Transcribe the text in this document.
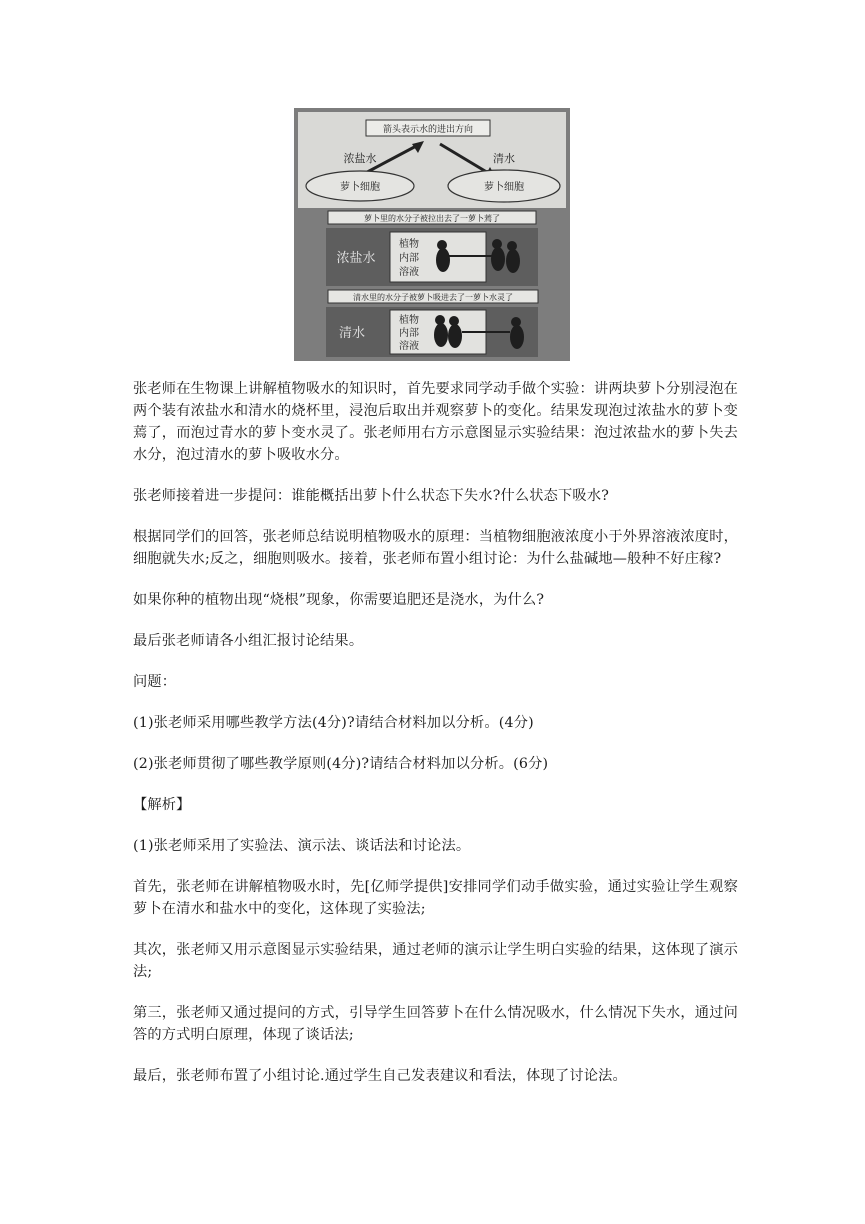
箭头表示水的进出方向
浓盐水	清水
萝卜细胞	萝卜细胞
萝卜里的水分子被拉出去了一萝卜蔫了
浓盐水
植物
内部
溶液
清水里的水分子被萝卜吸进去了一萝卜水灵了
清水
植物
内部
溶液

张老师在生物课上讲解植物吸水的知识时，首先要求同学动手做个实验：讲两块萝卜分别浸泡在两个装有浓盐水和清水的烧杯里，浸泡后取出并观察萝卜的变化。结果发现泡过浓盐水的萝卜变蔫了，而泡过青水的萝卜变水灵了。张老师用右方示意图显示实验结果：泡过浓盐水的萝卜失去水分，泡过清水的萝卜吸收水分。

张老师接着进一步提问：谁能概括出萝卜什么状态下失水?什么状态下吸水?

根据同学们的回答，张老师总结说明植物吸水的原理：当植物细胞液浓度小于外界溶液浓度时，细胞就失水;反之，细胞则吸水。接着，张老师布置小组讨论：为什么盐碱地—般种不好庄稼?

如果你种的植物出现“烧根”现象，你需要追肥还是浇水，为什么?

最后张老师请各小组汇报讨论结果。

问题：

(1)张老师采用哪些教学方法(4分)?请结合材料加以分析。(4分)

(2)张老师贯彻了哪些教学原则(4分)?请结合材料加以分析。(6分)

【解析】

(1)张老师采用了实验法、演示法、谈话法和讨论法。

首先，张老师在讲解植物吸水时，先[亿师学提供]安排同学们动手做实验，通过实验让学生观察萝卜在清水和盐水中的变化，这体现了实验法;

其次，张老师又用示意图显示实验结果，通过老师的演示让学生明白实验的结果，这体现了演示法;

第三，张老师又通过提问的方式，引导学生回答萝卜在什么情况吸水，什么情况下失水，通过问答的方式明白原理，体现了谈话法;

最后，张老师布置了小组讨论.通过学生自己发表建议和看法，体现了讨论法。
